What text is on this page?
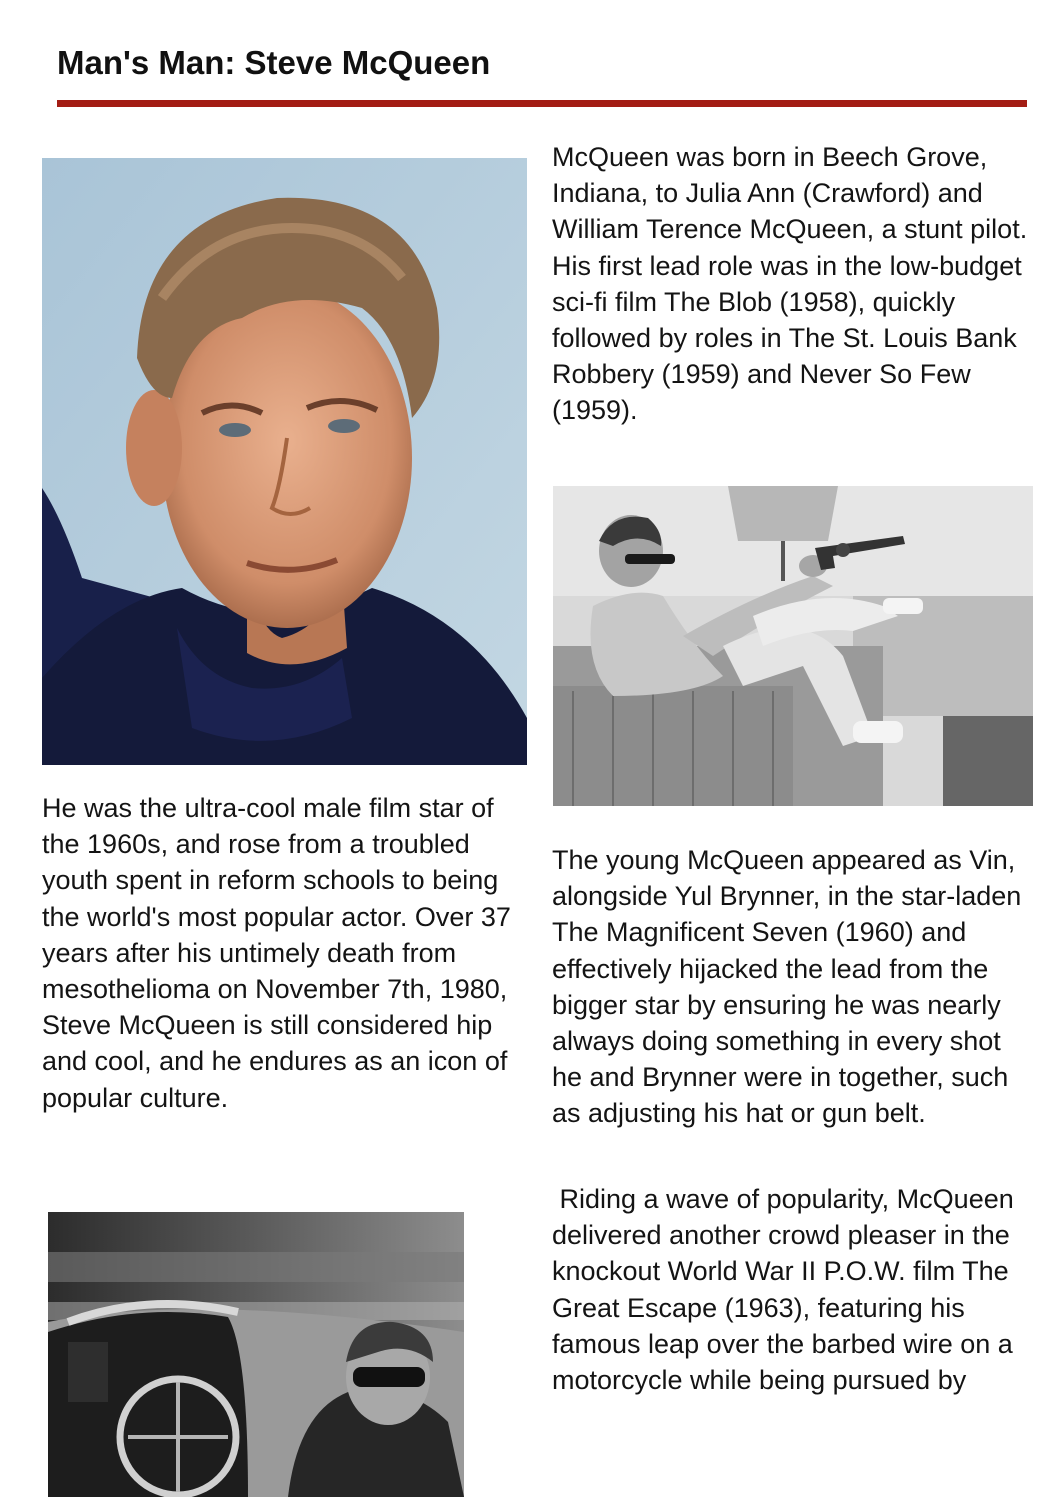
Man's Man: Steve McQueen

McQueen was born in Beech Grove, Indiana, to Julia Ann (Crawford) and William Terence McQueen, a stunt pilot. His first lead role was in the low-budget sci-fi film The Blob (1958), quickly followed by roles in The St. Louis Bank Robbery (1959) and Never So Few (1959).

He was the ultra-cool male film star of the 1960s, and rose from a troubled youth spent in reform schools to being the world's most popular actor. Over 37 years after his untimely death from mesothelioma on November 7th, 1980, Steve McQueen is still considered hip and cool, and he endures as an icon of popular culture.

The young McQueen appeared as Vin, alongside Yul Brynner, in the star-laden The Magnificent Seven (1960) and effectively hijacked the lead from the bigger star by ensuring he was nearly always doing something in every shot he and Brynner were in together, such as adjusting his hat or gun belt.

Riding a wave of popularity, McQueen delivered another crowd pleaser in the knockout World War II P.O.W. film The Great Escape (1963), featuring his famous leap over the barbed wire on a motorcycle while being pursued by
